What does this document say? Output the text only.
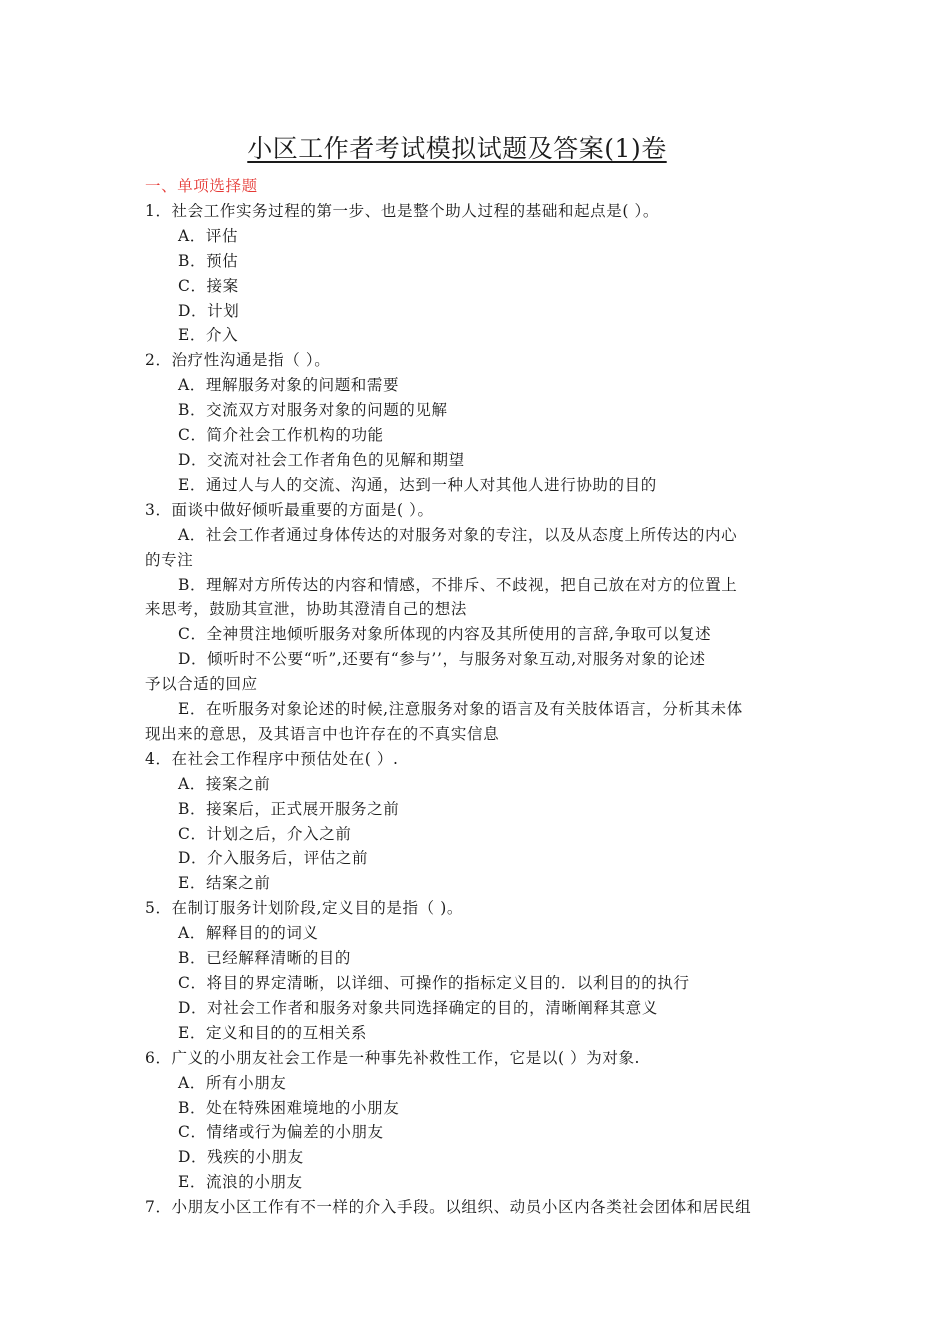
小区工作者考试模拟试题及答案(1)卷
一、单项选择题
1．社会工作实务过程的第一步、也是整个助人过程的基础和起点是( ）。
A．评估
B．预估
C．接案
D．计划
E．介入
2．治疗性沟通是指（ ）。
A．理解服务对象的问题和需要
B．交流双方对服务对象的问题的见解
C．简介社会工作机构的功能
D．交流对社会工作者角色的见解和期望
E．通过人与人的交流、沟通，达到一种人对其他人进行协助的目的
3．面谈中做好倾听最重要的方面是( ）。
A．社会工作者通过身体传达的对服务对象的专注，以及从态度上所传达的内心
的专注
B．理解对方所传达的内容和情感，不排斥、不歧视，把自己放在对方的位置上
来思考，鼓励其宣泄，协助其澄清自己的想法
C．全神贯注地倾听服务对象所体现的内容及其所使用的言辞,争取可以复述
D．倾听时不公要“听”,还要有“参与’’，与服务对象互动,对服务对象的论述
予以合适的回应
E．在听服务对象论述的时候,注意服务对象的语言及有关肢体语言，分析其未体
现出来的意思，及其语言中也许存在的不真实信息
4．在社会工作程序中预估处在( ）.
A．接案之前
B．接案后，正式展开服务之前
C．计划之后，介入之前
D．介入服务后，评估之前
E．结案之前
5．在制订服务计划阶段,定义目的是指（ )。
A．解释目的的词义
B．已经解释清晰的目的
C．将目的界定清晰，以详细、可操作的指标定义目的．以利目的的执行
D．对社会工作者和服务对象共同选择确定的目的，清晰阐释其意义
E．定义和目的的互相关系
6．广义的小朋友社会工作是一种事先补救性工作，它是以( ）为对象.
A．所有小朋友
B．处在特殊困难境地的小朋友
C．情绪或行为偏差的小朋友
D．残疾的小朋友
E．流浪的小朋友
7．小朋友小区工作有不一样的介入手段。以组织、动员小区内各类社会团体和居民组
